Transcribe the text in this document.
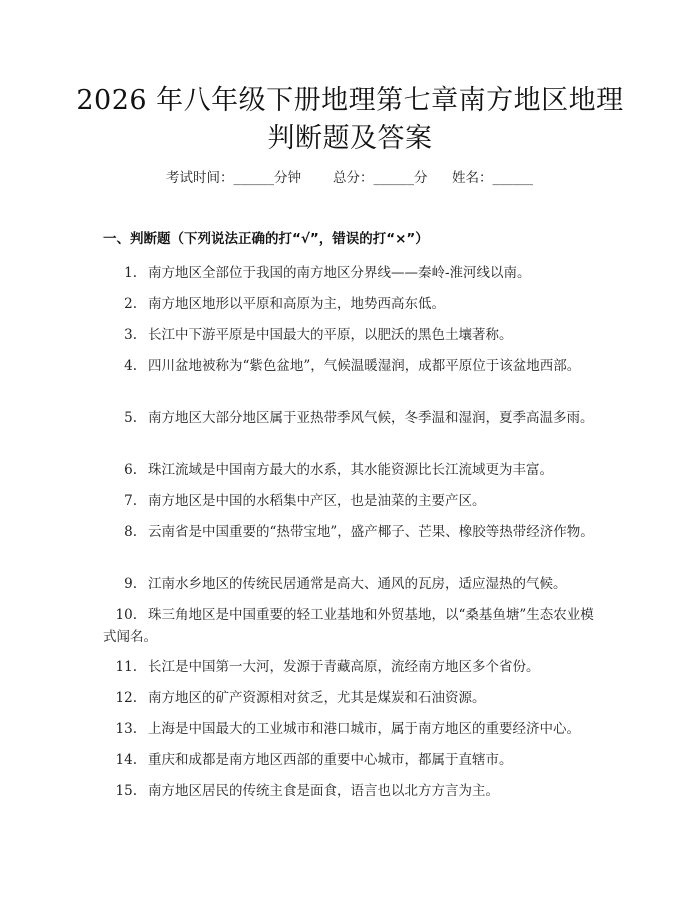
2026 年八年级下册地理第七章南方地区地理
判断题及答案
考试时间：______分钟 总分：______分 姓名：______
一、判断题（下列说法正确的打“√”，错误的打“×”）
1. 南方地区全部位于我国的南方地区分界线——秦岭-淮河线以南。
2. 南方地区地形以平原和高原为主，地势西高东低。
3. 长江中下游平原是中国最大的平原，以肥沃的黑色土壤著称。
4. 四川盆地被称为“紫色盆地”，气候温暖湿润，成都平原位于该盆地西部。
5. 南方地区大部分地区属于亚热带季风气候，冬季温和湿润，夏季高温多雨。
6. 珠江流域是中国南方最大的水系，其水能资源比长江流域更为丰富。
7. 南方地区是中国的水稻集中产区，也是油菜的主要产区。
8. 云南省是中国重要的“热带宝地”，盛产椰子、芒果、橡胶等热带经济作物。
9. 江南水乡地区的传统民居通常是高大、通风的瓦房，适应湿热的气候。
10. 珠三角地区是中国重要的轻工业基地和外贸基地，以“桑基鱼塘”生态农业模式闻名。
11. 长江是中国第一大河，发源于青藏高原，流经南方地区多个省份。
12. 南方地区的矿产资源相对贫乏，尤其是煤炭和石油资源。
13. 上海是中国最大的工业城市和港口城市，属于南方地区的重要经济中心。
14. 重庆和成都是南方地区西部的重要中心城市，都属于直辖市。
15. 南方地区居民的传统主食是面食，语言也以北方方言为主。
